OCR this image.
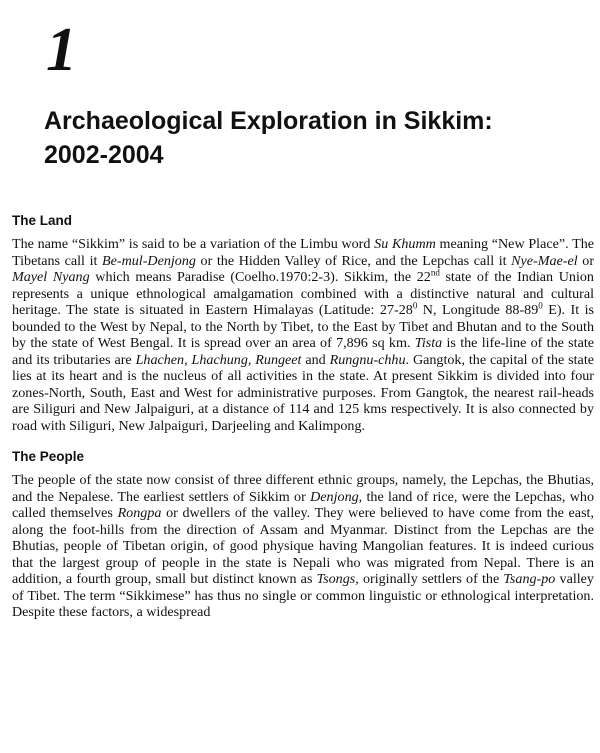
1
Archaeological Exploration in Sikkim:
2002-2004
The Land

The name “Sikkim” is said to be a variation of the Limbu word Su Khumm meaning “New Place”. The Tibetans call it Be-mul-Denjong or the Hidden Valley of Rice, and the Lepchas call it Nye-Mae-el or Mayel Nyang which means Paradise (Coelho.1970:2-3). Sikkim, the 22nd state of the Indian Union represents a unique ethnological amalgamation combined with a distinctive natural and cultural heritage. The state is situated in Eastern Himalayas (Latitude: $27-28^0$ N, Longitude $88-89^0$ E). It is bounded to the West by Nepal, to the North by Tibet, to the East by Tibet and Bhutan and to the South by the state of West Bengal. It is spread over an area of 7,896 sq km. Tista is the life-line of the state and its tributaries are Lhachen, Lhachung, Rungeet and Rungnu-chhu. Gangtok, the capital of the state lies at its heart and is the nucleus of all activities in the state. At present Sikkim is divided into four zones-North, South, East and West for administrative purposes. From Gangtok, the nearest rail-heads are Siliguri and New Jalpaiguri, at a distance of 114 and 125 kms respectively. It is also connected by road with Siliguri, New Jalpaiguri, Darjeeling and Kalimpong.

The People

The people of the state now consist of three different ethnic groups, namely, the Lepchas, the Bhutias, and the Nepalese. The earliest settlers of Sikkim or Denjong, the land of rice, were the Lepchas, who called themselves Rongpa or dwellers of the valley. They were believed to have come from the east, along the foot-hills from the direction of Assam and Myanmar. Distinct from the Lepchas are the Bhutias, people of Tibetan origin, of good physique having Mangolian features. It is indeed curious that the largest group of people in the state is Nepali who was migrated from Nepal. There is an addition, a fourth group, small but distinct known as Tsongs, originally settlers of the Tsang-po valley of Tibet. The term “Sikkimese” has thus no single or common linguistic or ethnological interpretation. Despite these factors, a widespread
